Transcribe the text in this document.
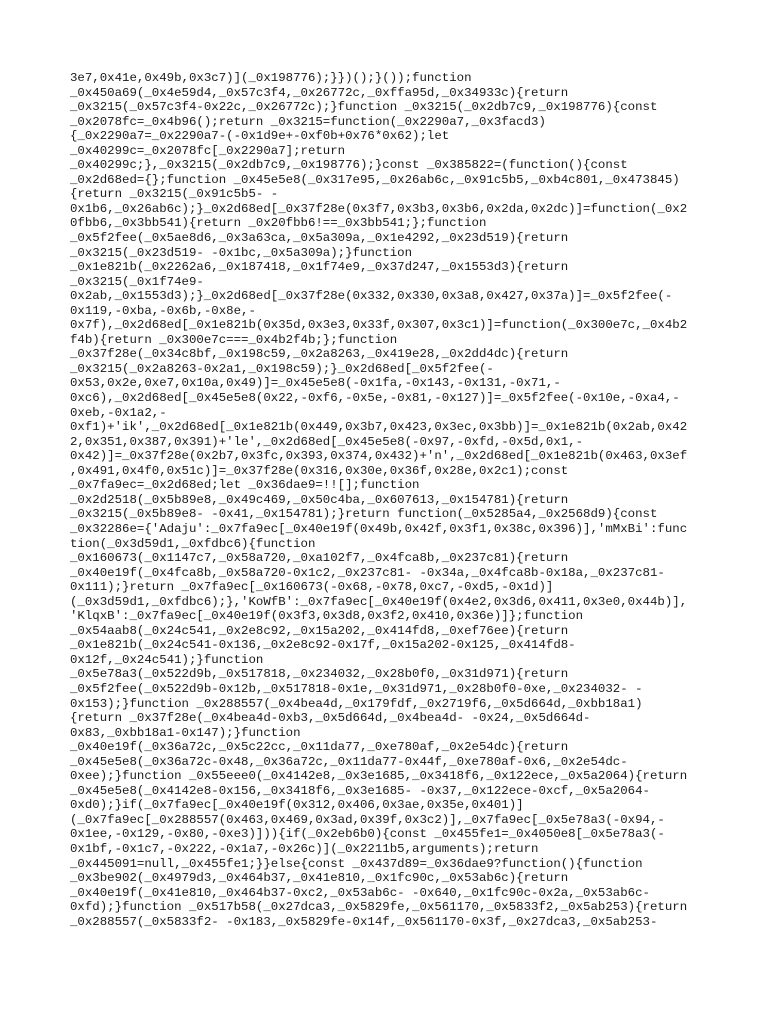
3e7,0x41e,0x49b,0x3c7)](_0x198776);}})();}());function
_0x450a69(_0x4e59d4,_0x57c3f4,_0x26772c,_0xffa95d,_0x34933c){return
_0x3215(_0x57c3f4-0x22c,_0x26772c);}function _0x3215(_0x2db7c9,_0x198776){const
_0x2078fc=_0x4b96();return _0x3215=function(_0x2290a7,_0x3facd3)
{_0x2290a7=_0x2290a7-(-0x1d9e+-0xf0b+0x76*0x62);let
_0x40299c=_0x2078fc[_0x2290a7];return
_0x40299c;},_0x3215(_0x2db7c9,_0x198776);}const _0x385822=(function(){const
_0x2d68ed={};function _0x45e5e8(_0x317e95,_0x26ab6c,_0x91c5b5,_0xb4c801,_0x473845)
{return _0x3215(_0x91c5b5- -
0x1b6,_0x26ab6c);}_0x2d68ed[_0x37f28e(0x3f7,0x3b3,0x3b6,0x2da,0x2dc)]=function(_0x2
0fbb6,_0x3bb541){return _0x20fbb6!==_0x3bb541;};function
_0x5f2fee(_0x5ae8d6,_0x3a63ca,_0x5a309a,_0x1e4292,_0x23d519){return
_0x3215(_0x23d519- -0x1bc,_0x5a309a);}function
_0x1e821b(_0x2262a6,_0x187418,_0x1f74e9,_0x37d247,_0x1553d3){return
_0x3215(_0x1f74e9-
0x2ab,_0x1553d3);}_0x2d68ed[_0x37f28e(0x332,0x330,0x3a8,0x427,0x37a)]=_0x5f2fee(-
0x119,-0xba,-0x6b,-0x8e,-
0x7f),_0x2d68ed[_0x1e821b(0x35d,0x3e3,0x33f,0x307,0x3c1)]=function(_0x300e7c,_0x4b2
f4b){return _0x300e7c===_0x4b2f4b;};function
_0x37f28e(_0x34c8bf,_0x198c59,_0x2a8263,_0x419e28,_0x2dd4dc){return
_0x3215(_0x2a8263-0x2a1,_0x198c59);}_0x2d68ed[_0x5f2fee(-
0x53,0x2e,0xe7,0x10a,0x49)]=_0x45e5e8(-0x1fa,-0x143,-0x131,-0x71,-
0xc6),_0x2d68ed[_0x45e5e8(0x22,-0xf6,-0x5e,-0x81,-0x127)]=_0x5f2fee(-0x10e,-0xa4,-
0xeb,-0x1a2,-
0xf1)+'ik',_0x2d68ed[_0x1e821b(0x449,0x3b7,0x423,0x3ec,0x3bb)]=_0x1e821b(0x2ab,0x42
2,0x351,0x387,0x391)+'le',_0x2d68ed[_0x45e5e8(-0x97,-0xfd,-0x5d,0x1,-
0x42)]=_0x37f28e(0x2b7,0x3fc,0x393,0x374,0x432)+'n',_0x2d68ed[_0x1e821b(0x463,0x3ef
,0x491,0x4f0,0x51c)]=_0x37f28e(0x316,0x30e,0x36f,0x28e,0x2c1);const
_0x7fa9ec=_0x2d68ed;let _0x36dae9=!![];function
_0x2d2518(_0x5b89e8,_0x49c469,_0x50c4ba,_0x607613,_0x154781){return
_0x3215(_0x5b89e8- -0x41,_0x154781);}return function(_0x5285a4,_0x2568d9){const
_0x32286e={'Adaju':_0x7fa9ec[_0x40e19f(0x49b,0x42f,0x3f1,0x38c,0x396)],'mMxBi':func
tion(_0x3d59d1,_0xfdbc6){function
_0x160673(_0x1147c7,_0x58a720,_0xa102f7,_0x4fca8b,_0x237c81){return
_0x40e19f(_0x4fca8b,_0x58a720-0x1c2,_0x237c81- -0x34a,_0x4fca8b-0x18a,_0x237c81-
0x111);}return _0x7fa9ec[_0x160673(-0x68,-0x78,0xc7,-0xd5,-0x1d)]
(_0x3d59d1,_0xfdbc6);},'KoWfB':_0x7fa9ec[_0x40e19f(0x4e2,0x3d6,0x411,0x3e0,0x44b)],
'KlqxB':_0x7fa9ec[_0x40e19f(0x3f3,0x3d8,0x3f2,0x410,0x36e)]};function
_0x54aab8(_0x24c541,_0x2e8c92,_0x15a202,_0x414fd8,_0xef76ee){return
_0x1e821b(_0x24c541-0x136,_0x2e8c92-0x17f,_0x15a202-0x125,_0x414fd8-
0x12f,_0x24c541);}function
_0x5e78a3(_0x522d9b,_0x517818,_0x234032,_0x28b0f0,_0x31d971){return
_0x5f2fee(_0x522d9b-0x12b,_0x517818-0x1e,_0x31d971,_0x28b0f0-0xe,_0x234032- -
0x153);}function _0x288557(_0x4bea4d,_0x179fdf,_0x2719f6,_0x5d664d,_0xbb18a1)
{return _0x37f28e(_0x4bea4d-0xb3,_0x5d664d,_0x4bea4d- -0x24,_0x5d664d-
0x83,_0xbb18a1-0x147);}function
_0x40e19f(_0x36a72c,_0x5c22cc,_0x11da77,_0xe780af,_0x2e54dc){return
_0x45e5e8(_0x36a72c-0x48,_0x36a72c,_0x11da77-0x44f,_0xe780af-0x6,_0x2e54dc-
0xee);}function _0x55eee0(_0x4142e8,_0x3e1685,_0x3418f6,_0x122ece,_0x5a2064){return
_0x45e5e8(_0x4142e8-0x156,_0x3418f6,_0x3e1685- -0x37,_0x122ece-0xcf,_0x5a2064-
0xd0);}if(_0x7fa9ec[_0x40e19f(0x312,0x406,0x3ae,0x35e,0x401)]
(_0x7fa9ec[_0x288557(0x463,0x469,0x3ad,0x39f,0x3c2)],_0x7fa9ec[_0x5e78a3(-0x94,-
0x1ee,-0x129,-0x80,-0xe3)])){if(_0x2eb6b0){const _0x455fe1=_0x4050e8[_0x5e78a3(-
0x1bf,-0x1c7,-0x222,-0x1a7,-0x26c)](_0x2211b5,arguments);return
_0x445091=null,_0x455fe1;}}else{const _0x437d89=_0x36dae9?function(){function
_0x3be902(_0x4979d3,_0x464b37,_0x41e810,_0x1fc90c,_0x53ab6c){return
_0x40e19f(_0x41e810,_0x464b37-0xc2,_0x53ab6c- -0x640,_0x1fc90c-0x2a,_0x53ab6c-
0xfd);}function _0x517b58(_0x27dca3,_0x5829fe,_0x561170,_0x5833f2,_0x5ab253){return
_0x288557(_0x5833f2- -0x183,_0x5829fe-0x14f,_0x561170-0x3f,_0x27dca3,_0x5ab253-
